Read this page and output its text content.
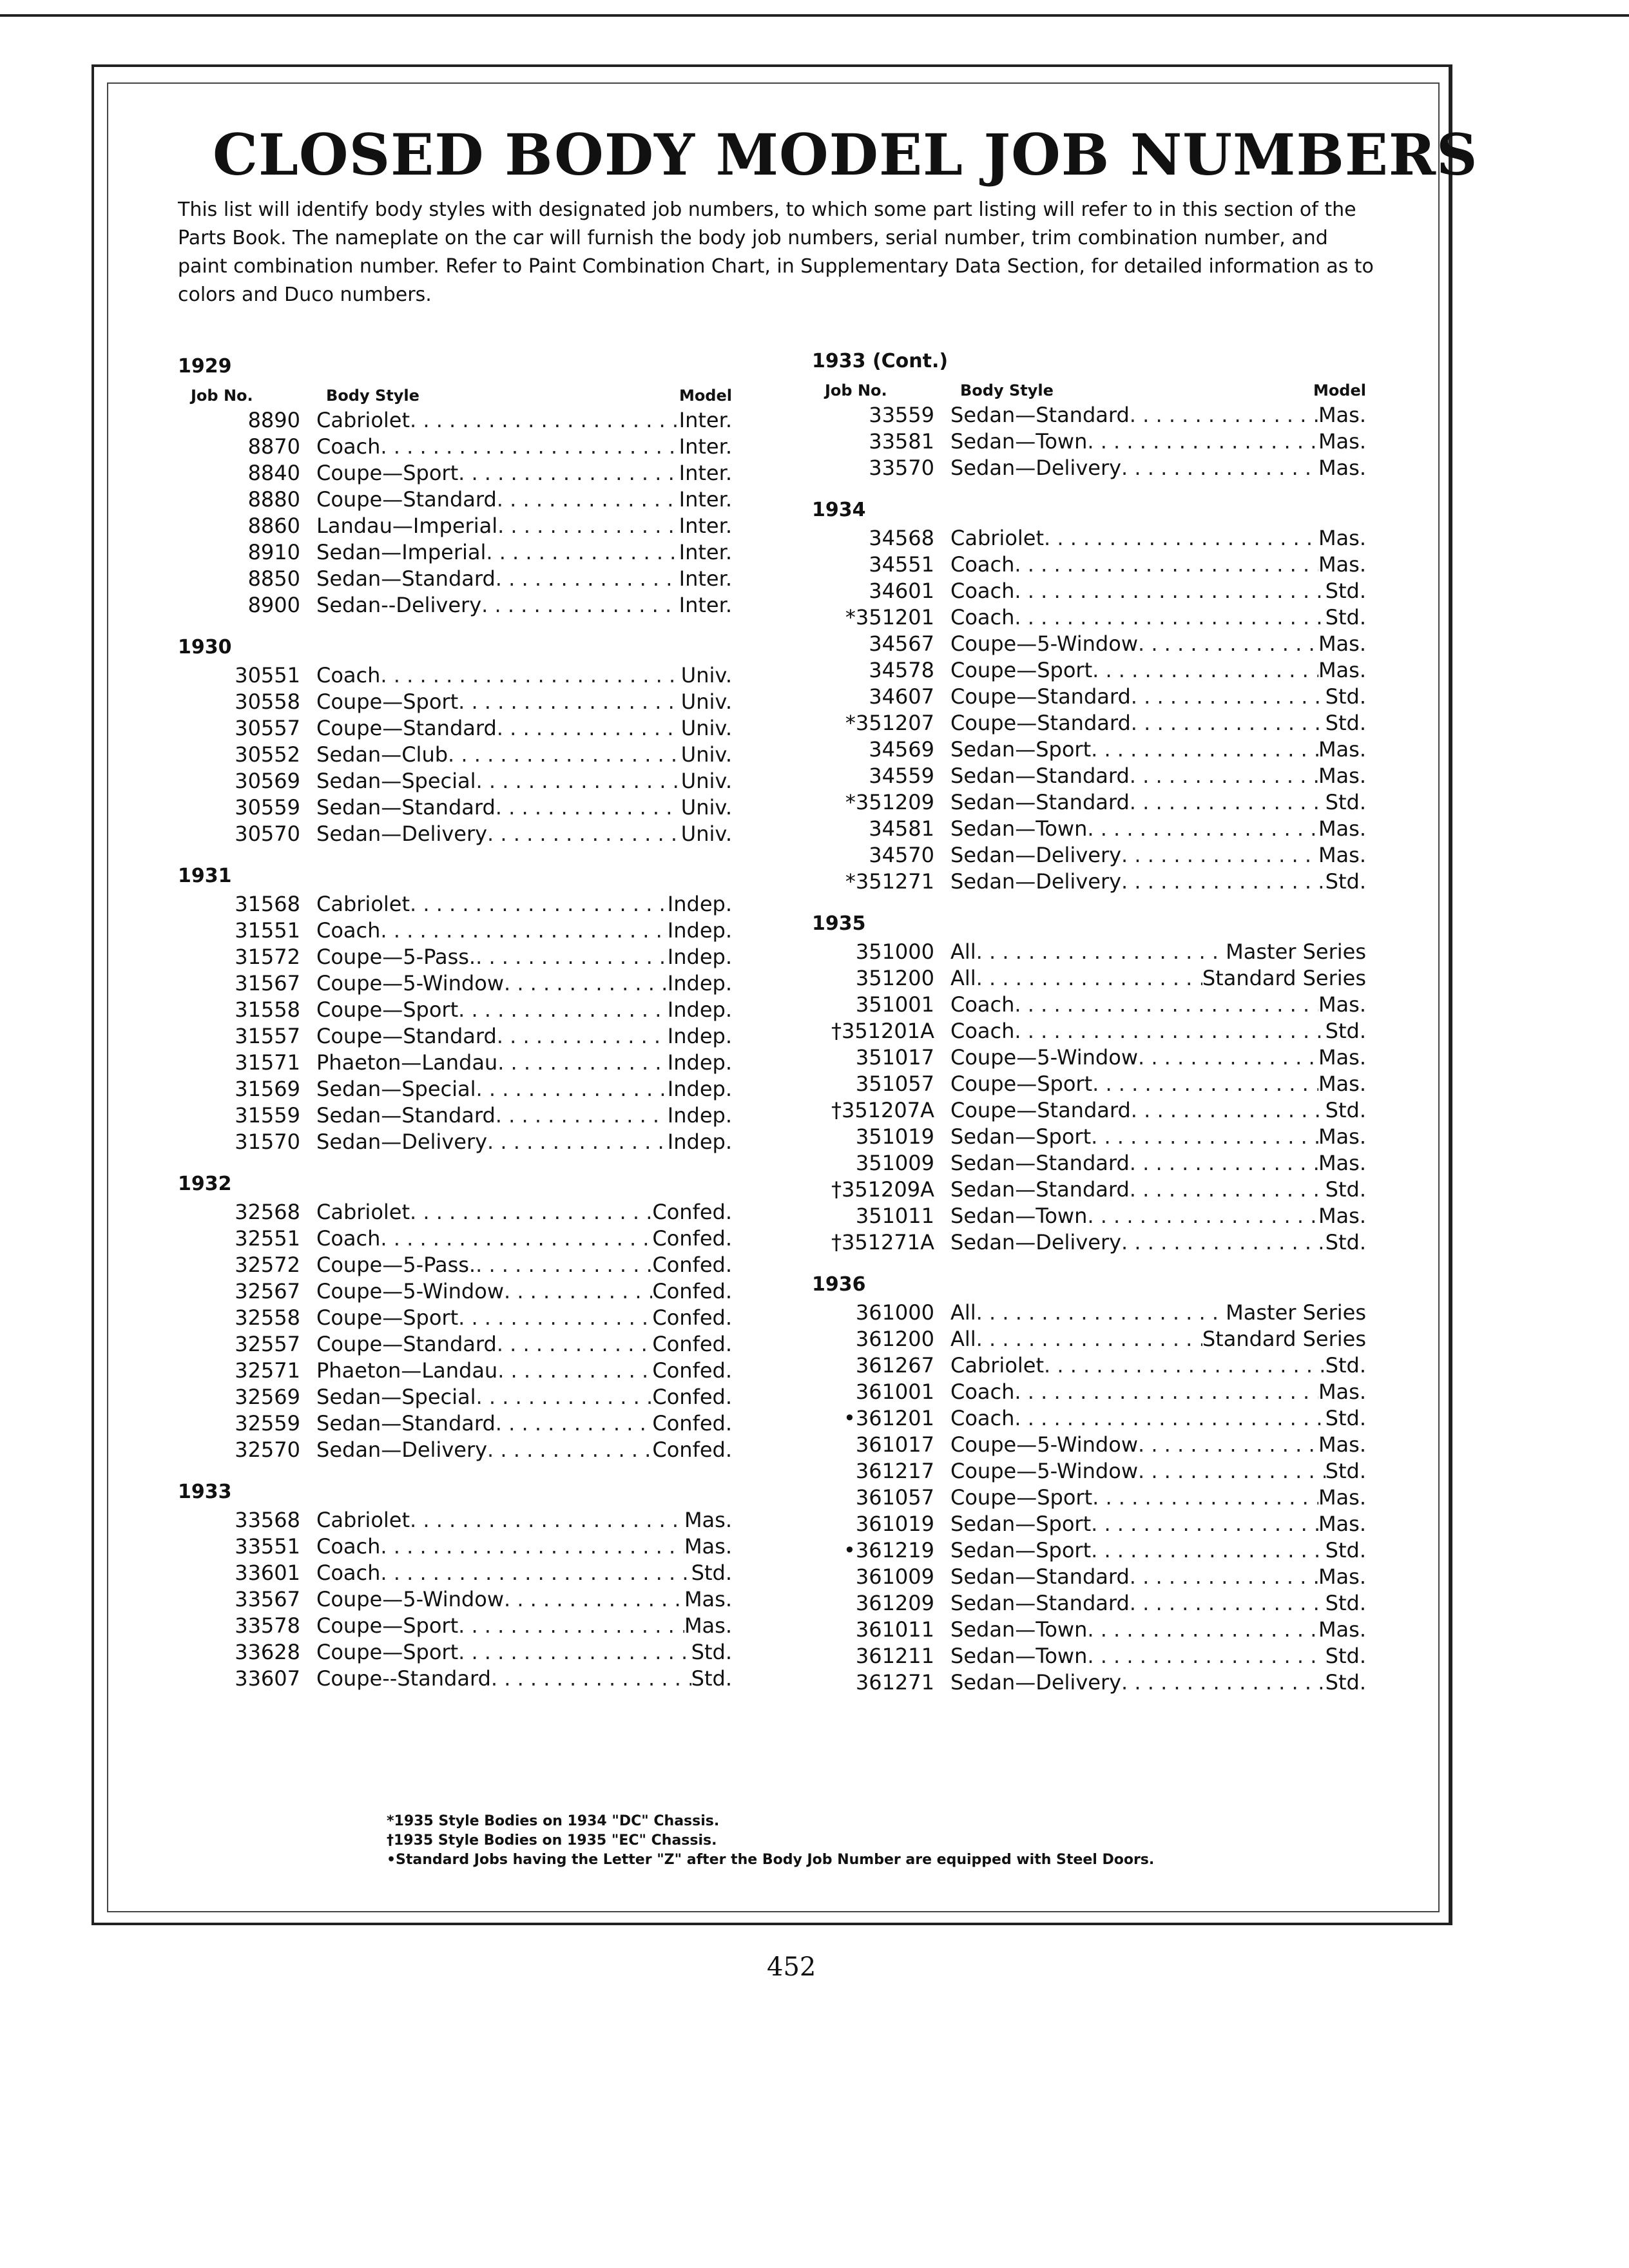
CLOSED BODY MODEL JOB NUMBERS
This list will identify body styles with designated job numbers, to which some part listing will refer to in this section of the Parts Book. The nameplate on the car will furnish the body job numbers, serial number, trim combination number, and paint combination number. Refer to Paint Combination Chart, in Supplementary Data Section, for detailed information as to colors and Duco numbers.
1929
Job No.	Body Style	Model
8890 Cabriolet . . .	Inter.
8870 Coach . . .	Inter.
8840 Coupe—Sport . . .	Inter.
8880 Coupe—Standard . . .	Inter.
8860 Landau—Imperial . . .	Inter.
8910 Sedan—Imperial . . .	Inter.
8850 Sedan—Standard . . .	Inter.
8900 Sedan--Delivery . . .	Inter.
1930
30551 Coach . . .	Univ.
30558 Coupe—Sport . . .	Univ.
30557 Coupe—Standard . . .	Univ.
30552 Sedan—Club . . .	Univ.
30569 Sedan—Special . . .	Univ.
30559 Sedan—Standard . . .	Univ.
30570 Sedan—Delivery . . .	Univ.
1931
31568 Cabriolet . . .	Indep.
31551 Coach . . .	Indep.
31572 Coupe—5-Pass. . . .	Indep.
31567 Coupe—5-Window . . .	Indep.
31558 Coupe—Sport . . .	Indep.
31557 Coupe—Standard . . .	Indep.
31571 Phaeton—Landau . . .	Indep.
31569 Sedan—Special . . .	Indep.
31559 Sedan—Standard . . .	Indep.
31570 Sedan—Delivery . . .	Indep.
1932
32568 Cabriolet . . .	Confed.
32551 Coach . . .	Confed.
32572 Coupe—5-Pass. . . .	Confed.
32567 Coupe—5-Window . . .	Confed.
32558 Coupe—Sport . . .	Confed.
32557 Coupe—Standard . . .	Confed.
32571 Phaeton—Landau . . .	Confed.
32569 Sedan—Special . . .	Confed.
32559 Sedan—Standard . . .	Confed.
32570 Sedan—Delivery . . .	Confed.
1933
33568 Cabriolet . . .	Mas.
33551 Coach . . .	Mas.
33601 Coach . . .	Std.
33567 Coupe—5-Window . . .	Mas.
33578 Coupe—Sport . . .	Mas.
33628 Coupe—Sport . . .	Std.
33607 Coupe--Standard . . .	Std.
1933 (Cont.)
Job No.	Body Style	Model
33559 Sedan—Standard . . .	Mas.
33581 Sedan—Town . . .	Mas.
33570 Sedan—Delivery . . .	Mas.
1934
34568 Cabriolet . . .	Mas.
34551 Coach . . .	Mas.
34601 Coach . . .	Std.
*351201 Coach . . .	Std.
34567 Coupe—5-Window . . .	Mas.
34578 Coupe—Sport . . .	Mas.
34607 Coupe—Standard . . .	Std.
*351207 Coupe—Standard . . .	Std.
34569 Sedan—Sport . . .	Mas.
34559 Sedan—Standard . . .	Mas.
*351209 Sedan—Standard . . .	Std.
34581 Sedan—Town . . .	Mas.
34570 Sedan—Delivery . . .	Mas.
*351271 Sedan—Delivery . . .	Std.
1935
351000 All . . .	Master Series
351200 All . . .	Standard Series
351001 Coach . . .	Mas.
†351201A Coach . . .	Std.
351017 Coupe—5-Window . . .	Mas.
351057 Coupe—Sport . . .	Mas.
†351207A Coupe—Standard . . .	Std.
351019 Sedan—Sport . . .	Mas.
351009 Sedan—Standard . . .	Mas.
†351209A Sedan—Standard . . .	Std.
351011 Sedan—Town . . .	Mas.
†351271A Sedan—Delivery . . .	Std.
1936
361000 All . . .	Master Series
361200 All . . .	Standard Series
361267 Cabriolet . . .	Std.
361001 Coach . . .	Mas.
•361201 Coach . . .	Std.
361017 Coupe—5-Window . . .	Mas.
361217 Coupe—5-Window . . .	Std.
361057 Coupe—Sport . . .	Mas.
361019 Sedan—Sport . . .	Mas.
•361219 Sedan—Sport . . .	Std.
361009 Sedan—Standard . . .	Mas.
361209 Sedan—Standard . . .	Std.
361011 Sedan—Town . . .	Mas.
361211 Sedan—Town . . .	Std.
361271 Sedan—Delivery . . .	Std.
*1935 Style Bodies on 1934 "DC" Chassis.
†1935 Style Bodies on 1935 "EC" Chassis.
•Standard Jobs having the Letter "Z" after the Body Job Number are equipped with Steel Doors.
452
